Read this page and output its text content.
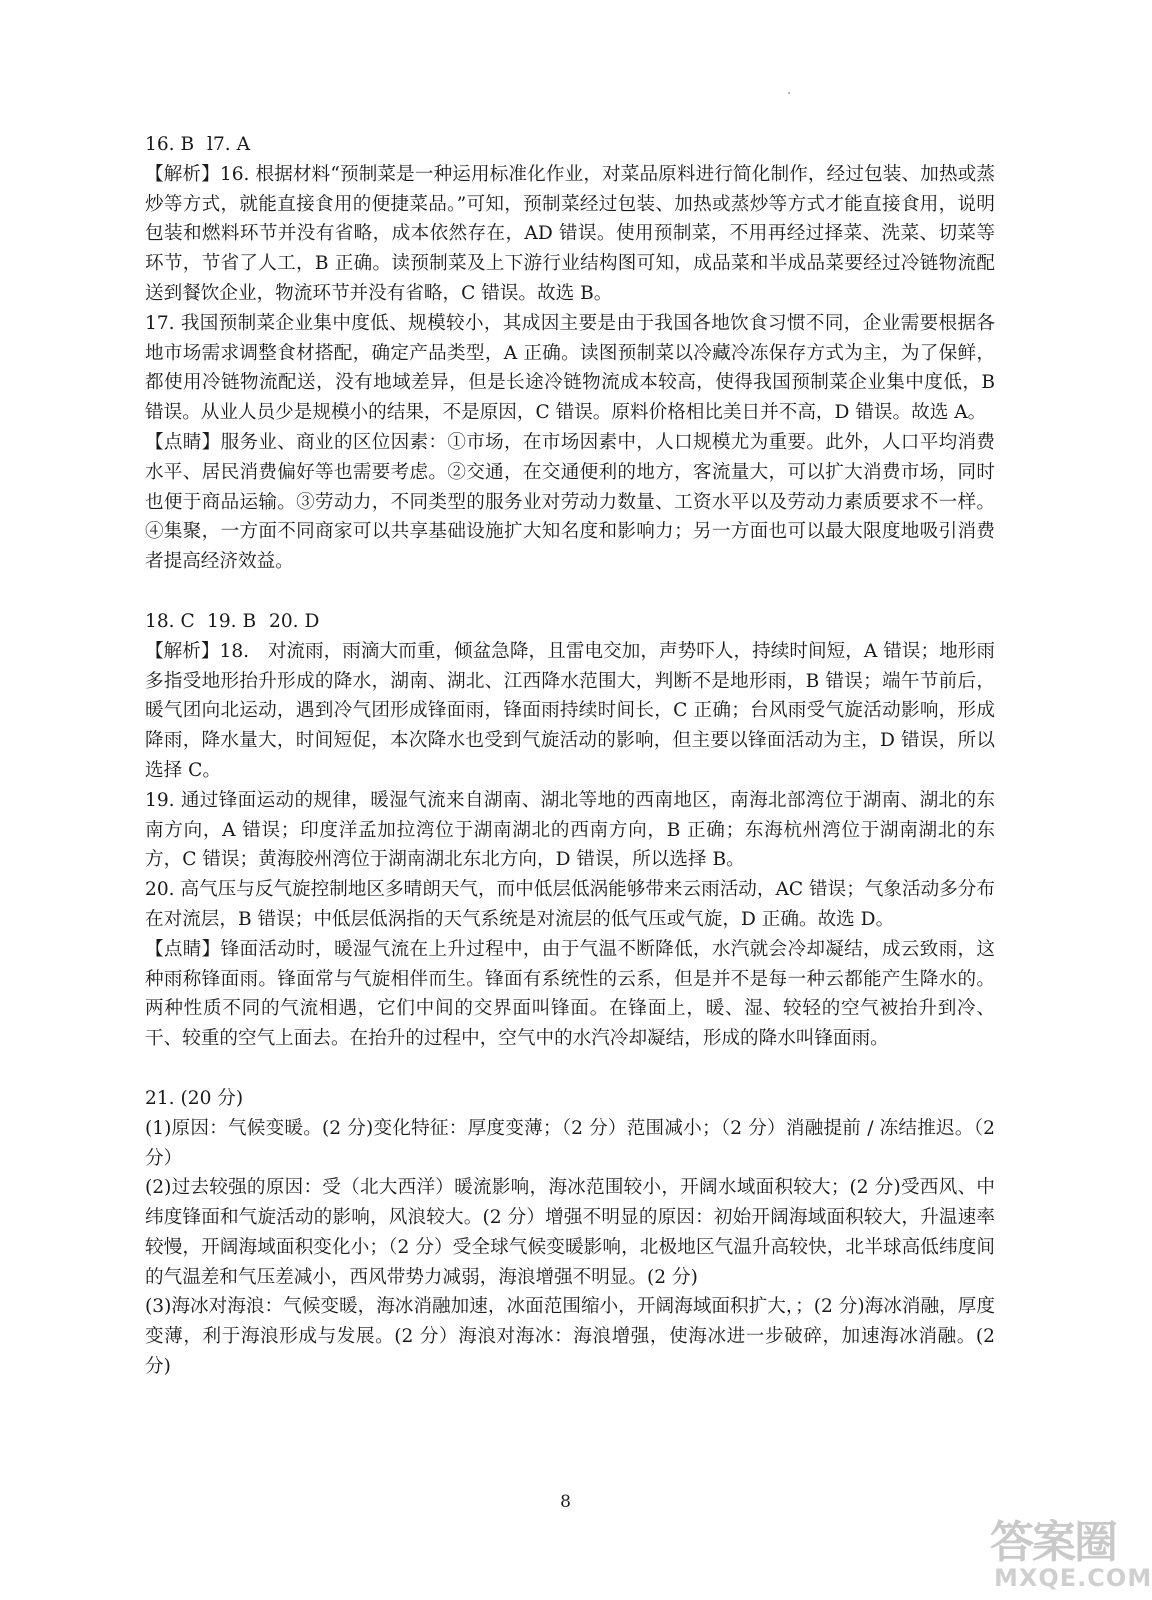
16. B l7. A

【解析】16. 根据材料“预制菜是一种运用标准化作业，对菜品原料进行简化制作，经过包装、加热或蒸炒等方式，就能直接食用的便捷菜品。”可知，预制菜经过包装、加热或蒸炒等方式才能直接食用，说明包装和燃料环节并没有省略，成本依然存在，AD 错误。使用预制菜，不用再经过择菜、洗菜、切菜等环节，节省了人工，B 正确。读预制菜及上下游行业结构图可知，成品菜和半成品菜要经过冷链物流配送到餐饮企业，物流环节并没有省略，C 错误。故选 B。

17. 我国预制菜企业集中度低、规模较小，其成因主要是由于我国各地饮食习惯不同，企业需要根据各地市场需求调整食材搭配，确定产品类型，A 正确。读图预制菜以冷藏冷冻保存方式为主，为了保鲜，都使用冷链物流配送，没有地域差异，但是长途冷链物流成本较高，使得我国预制菜企业集中度低，B 错误。从业人员少是规模小的结果，不是原因，C 错误。原料价格相比美日并不高，D 错误。故选 A。

【点睛】服务业、商业的区位因素：①市场，在市场因素中，人口规模尤为重要。此外，人口平均消费水平、居民消费偏好等也需要考虑。②交通，在交通便利的地方，客流量大，可以扩大消费市场，同时也便于商品运输。③劳动力，不同类型的服务业对劳动力数量、工资水平以及劳动力素质要求不一样。④集聚，一方面不同商家可以共享基础设施扩大知名度和影响力；另一方面也可以最大限度地吸引消费者提高经济效益。

18. C 19. B 20. D

【解析】18.　对流雨，雨滴大而重，倾盆急降，且雷电交加，声势吓人，持续时间短，A 错误；地形雨多指受地形抬升形成的降水，湖南、湖北、江西降水范围大，判断不是地形雨，B 错误；端午节前后，暖气团向北运动，遇到冷气团形成锋面雨，锋面雨持续时间长，C 正确；台风雨受气旋活动影响，形成降雨，降水量大，时间短促，本次降水也受到气旋活动的影响，但主要以锋面活动为主，D 错误，所以选择 C。

19. 通过锋面运动的规律，暖湿气流来自湖南、湖北等地的西南地区，南海北部湾位于湖南、湖北的东南方向，A 错误；印度洋孟加拉湾位于湖南湖北的西南方向，B 正确；东海杭州湾位于湖南湖北的东方，C 错误；黄海胶州湾位于湖南湖北东北方向，D 错误，所以选择 B。

20. 高气压与反气旋控制地区多晴朗天气，而中低层低涡能够带来云雨活动，AC 错误；气象活动多分布在对流层，B 错误；中低层低涡指的天气系统是对流层的低气压或气旋，D 正确。故选 D。

【点睛】锋面活动时，暖湿气流在上升过程中，由于气温不断降低，水汽就会冷却凝结，成云致雨，这种雨称锋面雨。锋面常与气旋相伴而生。锋面有系统性的云系，但是并不是每一种云都能产生降水的。两种性质不同的气流相遇，它们中间的交界面叫锋面。在锋面上，暖、湿、较轻的空气被抬升到冷、干、较重的空气上面去。在抬升的过程中，空气中的水汽冷却凝结，形成的降水叫锋面雨。

21. (20 分)

(1)原因：气候变暖。(2 分)变化特征：厚度变薄；（2 分）范围减小；（2 分）消融提前 / 冻结推迟。（2 分）

(2)过去较强的原因：受（北大西洋）暖流影响，海冰范围较小，开阔水域面积较大；(2 分)受西风、中纬度锋面和气旋活动的影响，风浪较大。(2 分）增强不明显的原因：初始开阔海域面积较大，升温速率较慢，开阔海域面积变化小；（2 分）受全球气候变暖影响，北极地区气温升高较快，北半球高低纬度间的气温差和气压差减小，西风带势力减弱，海浪增强不明显。(2 分)

(3)海冰对海浪：气候变暖，海冰消融加速，冰面范围缩小，开阔海域面积扩大，；(2 分)海冰消融，厚度变薄，利于海浪形成与发展。(2 分）海浪对海冰：海浪增强，使海冰进一步破碎，加速海冰消融。(2 分)

8
答案圈
MXQE.COM
